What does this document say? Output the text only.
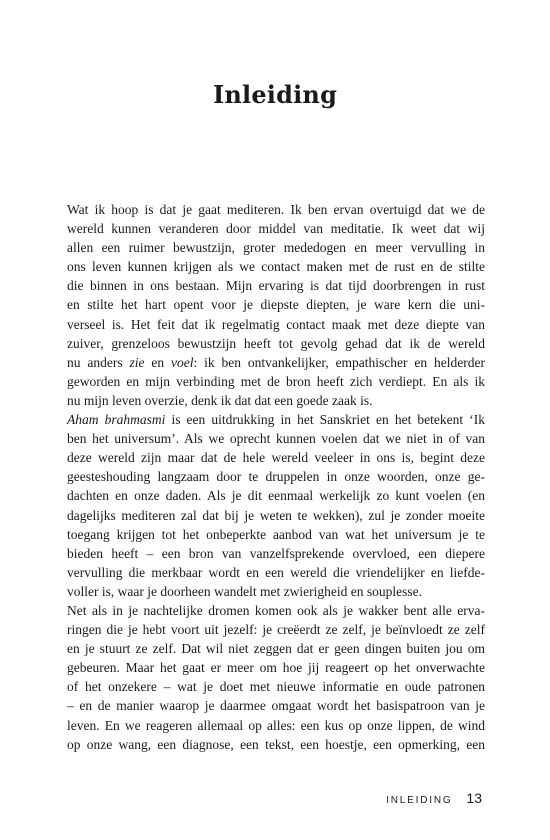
Inleiding
Wat ik hoop is dat je gaat mediteren. Ik ben ervan overtuigd dat we de
wereld kunnen veranderen door middel van meditatie. Ik weet dat wij
allen een ruimer bewustzijn, groter mededogen en meer vervulling in
ons leven kunnen krijgen als we contact maken met de rust en de stilte
die binnen in ons bestaan. Mijn ervaring is dat tijd doorbrengen in rust
en stilte het hart opent voor je diepste diepten, je ware kern die uni-
verseel is. Het feit dat ik regelmatig contact maak met deze diepte van
zuiver, grenzeloos bewustzijn heeft tot gevolg gehad dat ik de wereld
nu anders zie en voel: ik ben ontvankelijker, empathischer en helderder
geworden en mijn verbinding met de bron heeft zich verdiept. En als ik
nu mijn leven overzie, denk ik dat dat een goede zaak is.
Aham brahmasmi is een uitdrukking in het Sanskriet en het betekent ‘Ik
ben het universum’. Als we oprecht kunnen voelen dat we niet in of van
deze wereld zijn maar dat de hele wereld veeleer in ons is, begint deze
geesteshouding langzaam door te druppelen in onze woorden, onze ge-
dachten en onze daden. Als je dit eenmaal werkelijk zo kunt voelen (en
dagelijks mediteren zal dat bij je weten te wekken), zul je zonder moeite
toegang krijgen tot het onbeperkte aanbod van wat het universum je te
bieden heeft – een bron van vanzelfsprekende overvloed, een diepere
vervulling die merkbaar wordt en een wereld die vriendelijker en liefde-
voller is, waar je doorheen wandelt met zwierigheid en souplesse.
Net als in je nachtelijke dromen komen ook als je wakker bent alle erva-
ringen die je hebt voort uit jezelf: je creëerdt ze zelf, je beïnvloedt ze zelf
en je stuurt ze zelf. Dat wil niet zeggen dat er geen dingen buiten jou om
gebeuren. Maar het gaat er meer om hoe jij reageert op het onverwachte
of het onzekere – wat je doet met nieuwe informatie en oude patronen
– en de manier waarop je daarmee omgaat wordt het basispatroon van je
leven. En we reageren allemaal op alles: een kus op onze lippen, de wind
op onze wang, een diagnose, een tekst, een hoestje, een opmerking, een
INLEIDING 13
